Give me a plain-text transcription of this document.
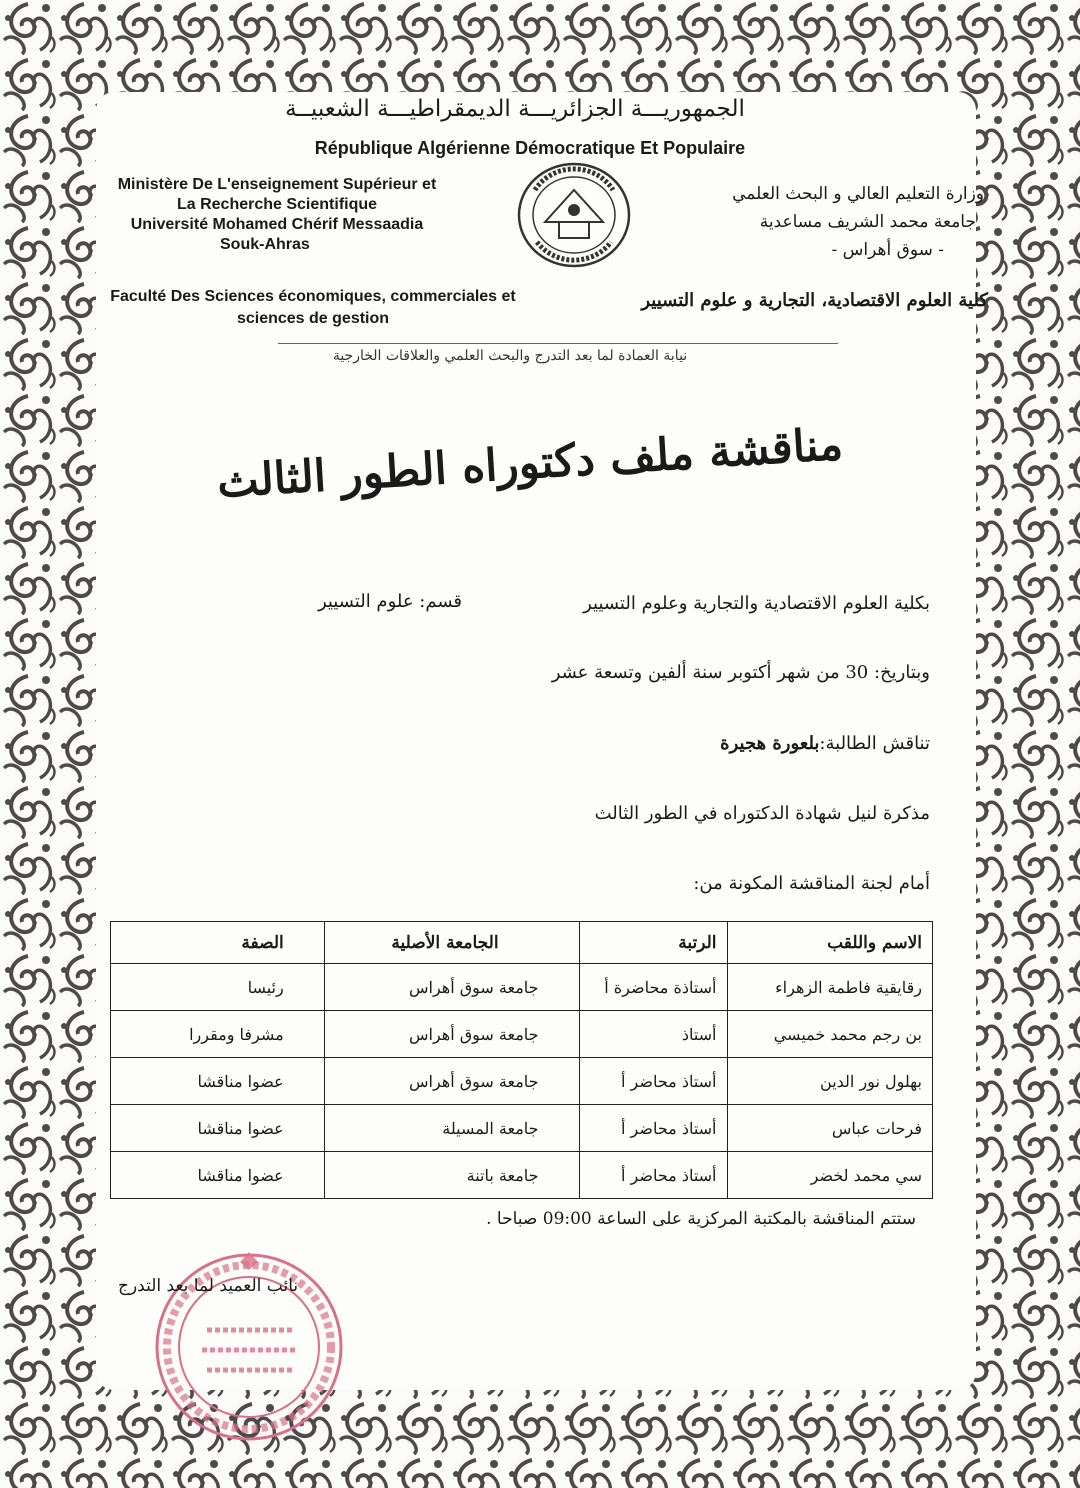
الجمهوريـــة الجزائريـــة الديمقراطيـــة الشعبيــة
République Algérienne Démocratique Et Populaire
Ministère De L'enseignement Supérieur et
La Recherche Scientifique
Université Mohamed Chérif Messaadia
Souk-Ahras
Faculté Des Sciences économiques, commerciales et
sciences de gestion
وزارة التعليم العالي و البحث العلمي
جامعة محمد الشريف مساعدية
- سوق أهراس -
كلية العلوم الاقتصادية، التجارية و علوم التسيير
نيابة العمادة لما بعد التدرج والبحث العلمي والعلاقات الخارجية
مناقشة ملف دكتوراه الطور الثالث
بكلية العلوم الاقتصادية والتجارية وعلوم التسيير
قسم: علوم التسيير
وبتاريخ: 30 من شهر أكتوبر سنة ألفين وتسعة عشر
تناقش الطالبة:بلعورة هجيرة
مذكرة لنيل شهادة الدكتوراه في الطور الثالث
أمام لجنة المناقشة المكونة من:
الاسم واللقب	الرتبة	الجامعة الأصلية	الصفة
رقايقية فاطمة الزهراء	أستاذة محاضرة أ	جامعة سوق أهراس	رئيسا
بن رجم محمد خميسي	أستاذ	جامعة سوق أهراس	مشرفا ومقررا
بهلول نور الدين	أستاذ محاضر أ	جامعة سوق أهراس	عضوا مناقشا
فرحات عباس	أستاذ محاضر أ	جامعة المسيلة	عضوا مناقشا
سي محمد لخضر	أستاذ محاضر أ	جامعة باتنة	عضوا مناقشا
ستتم المناقشة بالمكتبة المركزية على الساعة 09:00 صباحا .
نائب العميد لما بعد التدرج
